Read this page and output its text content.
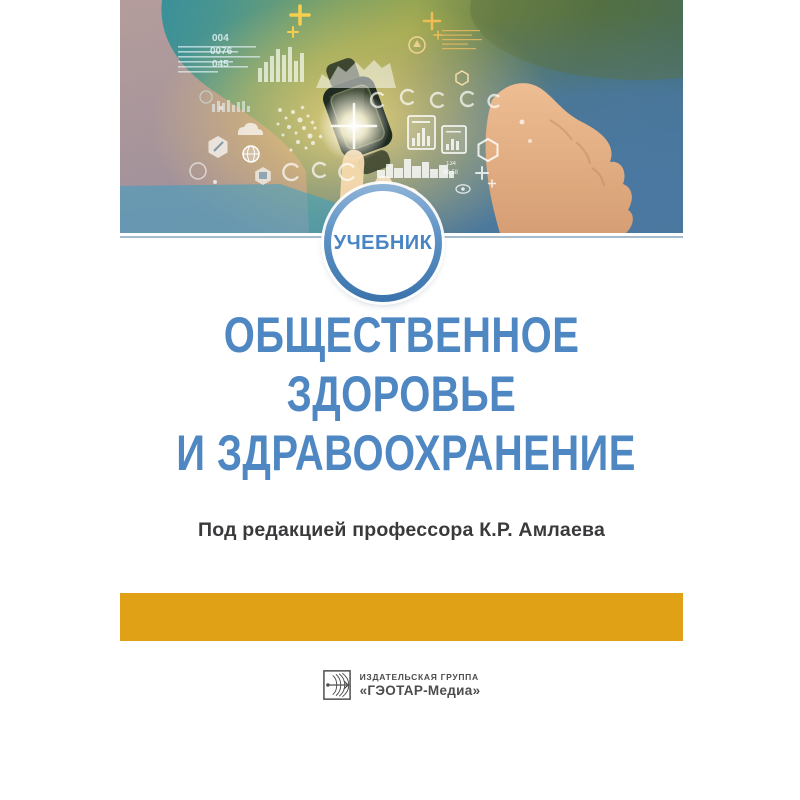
004
0076
045
134
49.58
УЧЕБНИК
ОБЩЕСТВЕННОЕ
ЗДОРОВЬЕ
И ЗДРАВООХРАНЕНИЕ
Под редакцией профессора К.Р. Амлаева
ИЗДАТЕЛЬСКАЯ ГРУППА
«ГЭОТАР-Медиа»
